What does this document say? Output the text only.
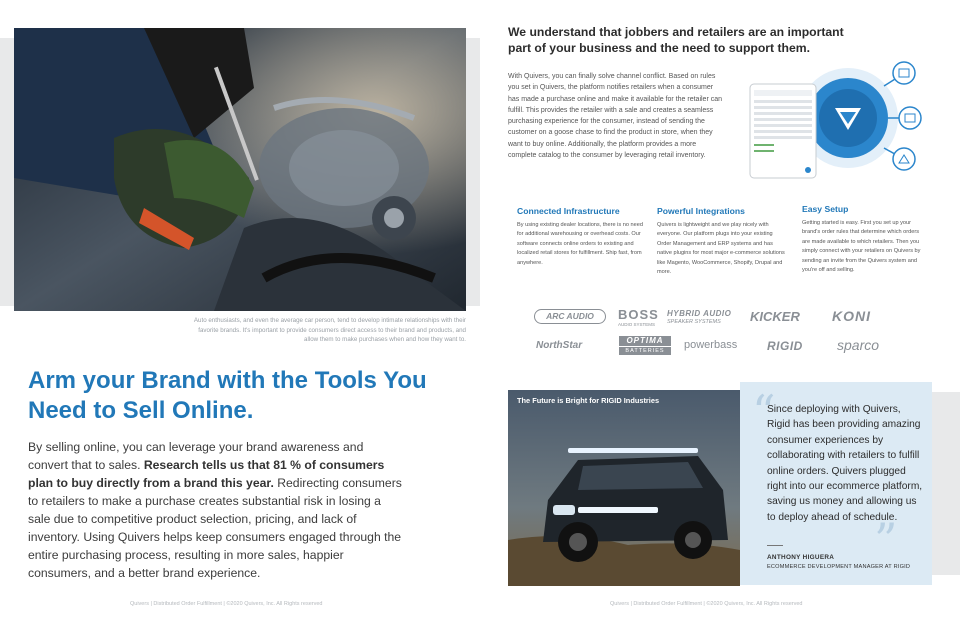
Auto enthusiasts, and even the average car person, tend to develop intimate relationships with their favorite brands. It's important to provide consumers direct access to their brand and products, and allow them to make purchases when and how they want to.

Arm your Brand with the Tools You Need to Sell Online.

By selling online, you can leverage your brand awareness and convert that to sales. Research tells us that 81 % of consumers plan to buy directly from a brand this year. Redirecting consumers to retailers to make a purchase creates substantial risk in losing a sale due to competitive product selection, pricing, and lack of inventory. Using Quivers helps keep consumers engaged through the entire purchasing process, resulting in more sales, happier consumers, and a better brand experience.

Quivers | Distributed Order Fulfillment | ©2020 Quivers, Inc. All Rights reserved
We understand that jobbers and retailers are an important part of your business and the need to support them.

With Quivers, you can finally solve channel conflict. Based on rules you set in Quivers, the platform notifies retailers when a consumer has made a purchase online and make it available for the retailer can fulfill. This provides the retailer with a sale and creates a seamless purchasing experience for the consumer, instead of sending the customer on a goose chase to find the product in store, when they want to buy online. Additionally, the platform provides a more complete catalog to the consumer by leveraging retail inventory.

Connected Infrastructure

By using existing dealer locations, there is no need for additional warehousing or overhead costs. Our software connects online orders to existing and localized retail stores for fulfillment. Ship fast, from anywhere.

Powerful Integrations

Quivers is lightweight and we play nicely with everyone. Our platform plugs into your existing Order Management and ERP systems and has native plugins for most major e-commerce solutions like Magento, WooCommerce, Shopify, Drupal and more.

Easy Setup

Getting started is easy. First you set up your brand's order rules that determine which orders are made available to which retailers. Then you simply connect with your retailers on Quivers by sending an invite from the Quivers system and you're off and selling.

ARC AUDIO	BOSS
AUDIO SYSTEMS
HYBRID AUDIO
SPEAKER SYSTEMS KICKER KONI
NorthStar	OPTIMA
BATTERIES	powerbass RIGID sparco
The Future is Bright for RIGID Industries “
”

Since deploying with Quivers, Rigid has been providing amazing consumer experiences by collaborating with retailers to fulfill online orders. Quivers plugged right into our ecommerce platform, saving us money and allowing us to deploy ahead of schedule.

ANTHONY HIGUERA
ECOMMERCE DEVELOPMENT MANAGER AT RIGID
Quivers | Distributed Order Fulfillment | ©2020 Quivers, Inc. All Rights reserved
